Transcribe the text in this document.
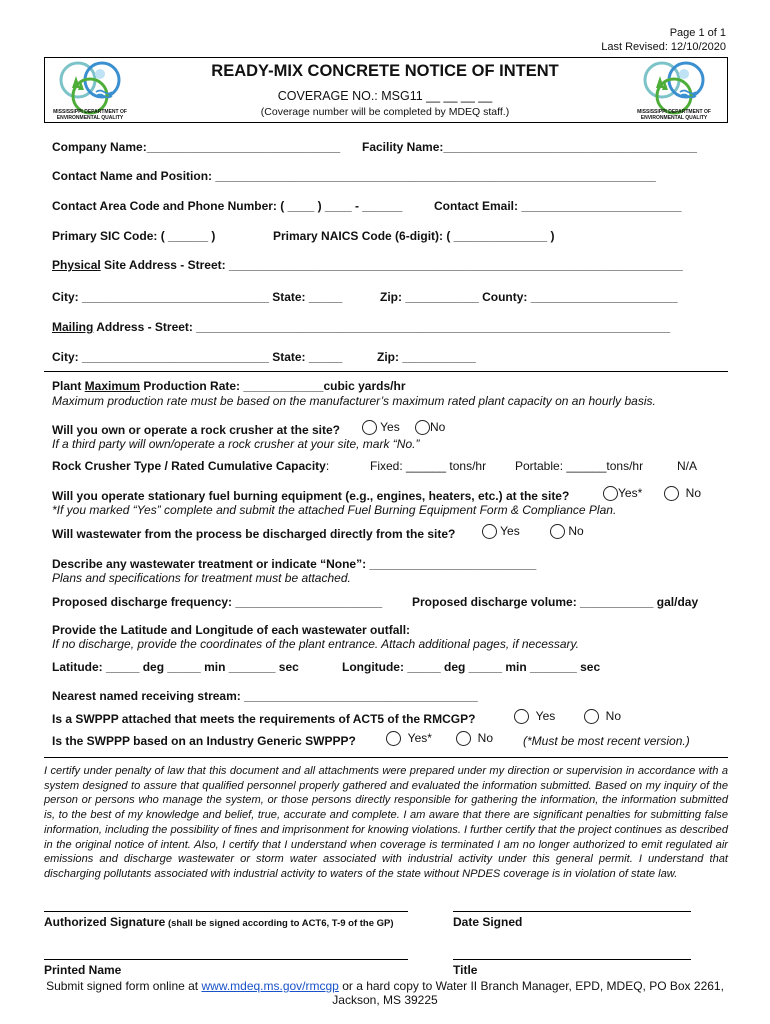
Page 1 of 1
Last Revised: 12/10/2020
MISSISSIPPI DEPARTMENT OF
ENVIRONMENTAL QUALITY
MISSISSIPPI DEPARTMENT OF
ENVIRONMENTAL QUALITY
READY-MIX CONCRETE NOTICE OF INTENT
COVERAGE NO.: MSG11 __ __ __ __
(Coverage number will be completed by MDEQ staff.)
Company Name:_____________________________ Facility Name:______________________________________
Contact Name and Position: __________________________________________________________________
Contact Area Code and Phone Number: ( ____ ) ____ - ______	Contact Email: ________________________
Primary SIC Code: ( ______ )	Primary NAICS Code (6-digit): ( ______________ )
Physical Site Address - Street: ____________________________________________________________________
City: ____________________________ State: _____	Zip: ___________ County: ______________________
Mailing Address - Street: _______________________________________________________________________
City: ____________________________ State: _____	Zip: ___________
Plant Maximum Production Rate: ____________cubic yards/hr
Maximum production rate must be based on the manufacturer’s maximum rated plant capacity on an hourly basis.
Will you own or operate a rock crusher at the site?	Yes	No
If a third party will own/operate a rock crusher at your site, mark “No.”
Rock Crusher Type / Rated Cumulative Capacity:	Fixed: ______ tons/hr Portable: ______tons/hr	N/A
Will you operate stationary fuel burning equipment (e.g., engines, heaters, etc.) at the site?	Yes*	No
*If you marked “Yes” complete and submit the attached Fuel Burning Equipment Form & Compliance Plan.
Will wastewater from the process be discharged directly from the site?	Yes	No
Describe any wastewater treatment or indicate “None”: _________________________
Plans and specifications for treatment must be attached.
Proposed discharge frequency: ______________________ Proposed discharge volume: ___________ gal/day
Provide the Latitude and Longitude of each wastewater outfall:
If no discharge, provide the coordinates of the plant entrance. Attach additional pages, if necessary.
Latitude: _____ deg _____ min _______ sec	Longitude: _____ deg _____ min _______ sec
Nearest named receiving stream: ___________________________________
Is a SWPPP attached that meets the requirements of ACT5 of the RMCGP?	Yes	No
Is the SWPPP based on an Industry Generic SWPPP?	Yes*	No (*Must be most recent version.)
I certify under penalty of law that this document and all attachments were prepared under my direction or supervision in accordance with a system designed to assure that qualified personnel properly gathered and evaluated the information submitted. Based on my inquiry of the person or persons who manage the system, or those persons directly responsible for gathering the information, the information submitted is, to the best of my knowledge and belief, true, accurate and complete. I am aware that there are significant penalties for submitting false information, including the possibility of fines and imprisonment for knowing violations. I further certify that the project continues as described in the original notice of intent. Also, I certify that I understand when coverage is terminated I am no longer authorized to emit regulated air emissions and discharge wastewater or storm water associated with industrial activity under this general permit. I understand that discharging pollutants associated with industrial activity to waters of the state without NPDES coverage is in violation of state law.
Authorized Signature (shall be signed according to ACT6, T-9 of the GP)	Date Signed
Printed Name	Title
Submit signed form online at www.mdeq.ms.gov/rmcgp or a hard copy to Water II Branch Manager, EPD, MDEQ, PO Box 2261,
Jackson, MS 39225
